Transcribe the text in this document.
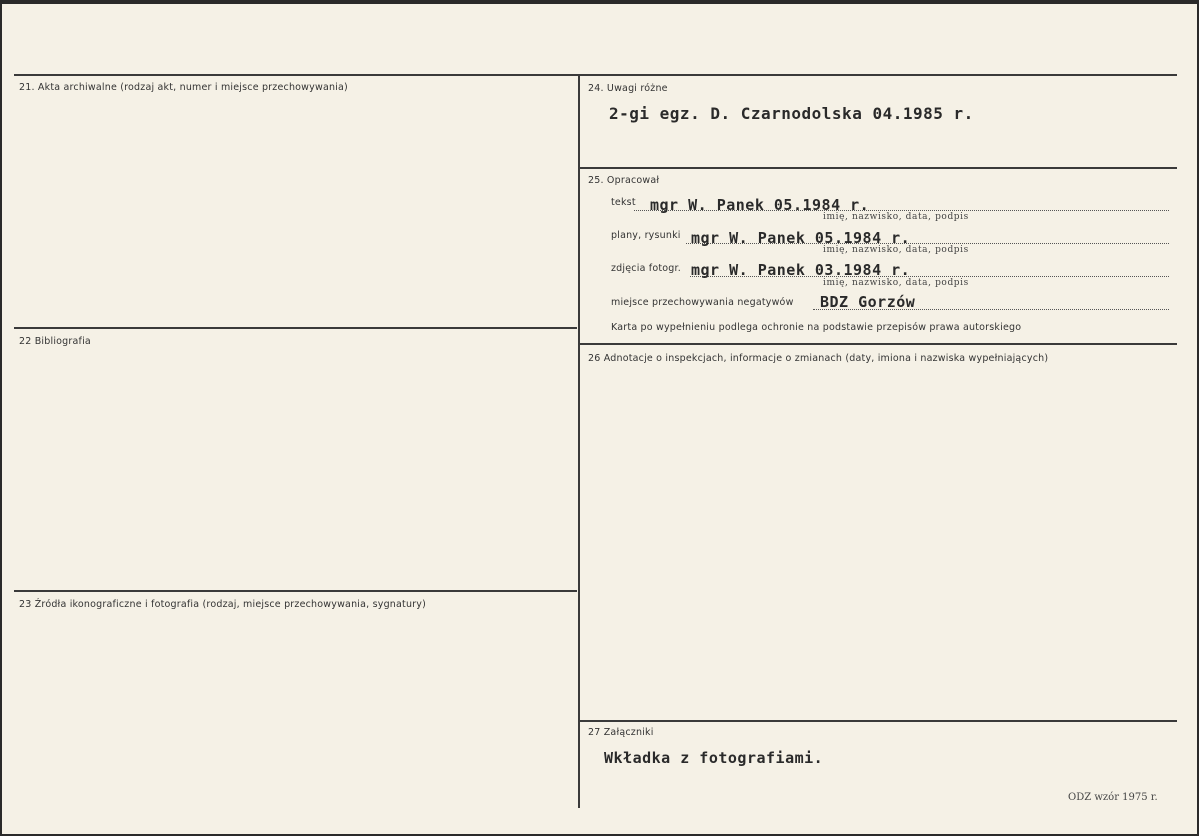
21. Akta archiwalne (rodzaj akt, numer i miejsce przechowywania)
22 Bibliografia
23 Źródła ikonograficzne i fotografia (rodzaj, miejsce przechowywania, sygnatury)
24. Uwagi różne
2-gi egz. D. Czarnodolska 04.1985 r.
25. Opracował
tekst mgr W. Panek 05.1984 r.
imię, nazwisko, data, podpis
plany, rysunki mgr W. Panek 05.1984 r.
imię, nazwisko, data, podpis
zdjęcia fotogr. mgr W. Panek 03.1984 r.
imię, nazwisko, data, podpis
miejsce przechowywania negatywów BDZ Gorzów
Karta po wypełnieniu podlega ochronie na podstawie przepisów prawa autorskiego
26 Adnotacje o inspekcjach, informacje o zmianach (daty, imiona i nazwiska wypełniających)
27 Załączniki
Wkładka z fotografiami.
ODZ wzór 1975 r.
